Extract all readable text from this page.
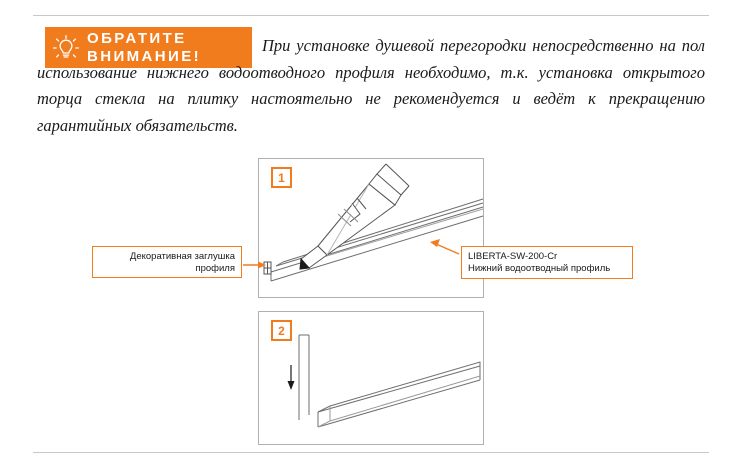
ОБРАТИТЕ
ВНИМАНИЕ!
При установке душевой перегородки непосредственно на пол использование нижнего водоотводного профиля необходимо, т.к. установка открытого торца стекла на плитку настоятельно не рекомендуется и ведёт к прекращению гарантийных обязательств.
1
2
Декоративная заглушка
профиля
LIBERTA-SW-200-Cr
Нижний водоотводный профиль
